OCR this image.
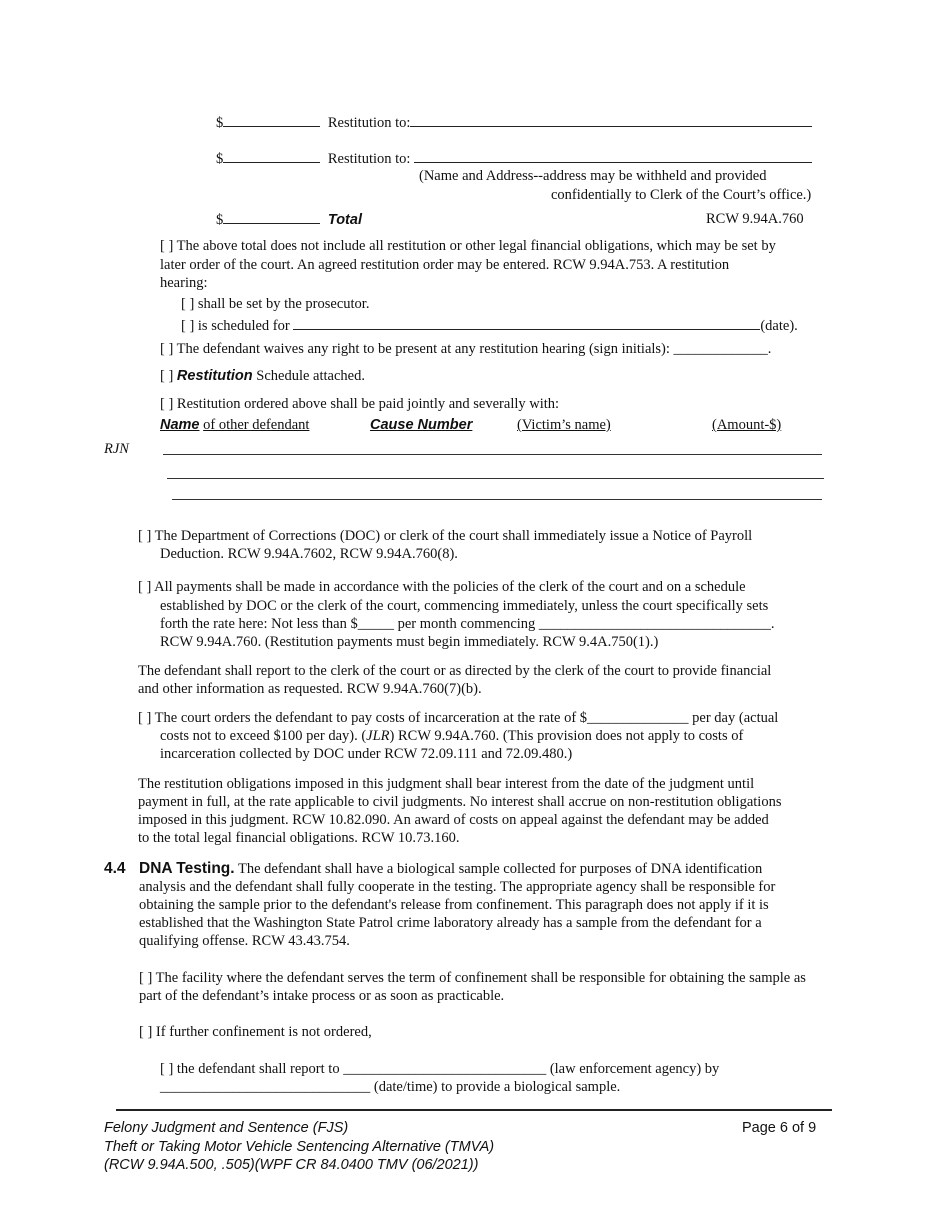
$	Restitution to:
$	Restitution to:
(Name and Address--address may be withheld and provided
confidentially to Clerk of the Court’s office.)
$	Total	RCW 9.94A.760
[ ] The above total does not include all restitution or other legal financial obligations, which may be set by
later order of the court. An agreed restitution order may be entered. RCW 9.94A.753. A restitution
hearing:
[ ] shall be set by the prosecutor.
[ ] is scheduled for	(date).
[ ] The defendant waives any right to be present at any restitution hearing (sign initials): _____________.
[ ] Restitution Schedule attached.
[ ] Restitution ordered above shall be paid jointly and severally with:
Name of other defendant	Cause Number	(Victim’s name)	(Amount-$)
RJN
[ ] The Department of Corrections (DOC) or clerk of the court shall immediately issue a Notice of Payroll
Deduction. RCW 9.94A.7602, RCW 9.94A.760(8).
[ ] All payments shall be made in accordance with the policies of the clerk of the court and on a schedule
established by DOC or the clerk of the court, commencing immediately, unless the court specifically sets
forth the rate here: Not less than $_____ per month commencing ________________________________.
RCW 9.94A.760. (Restitution payments must begin immediately. RCW 9.4A.750(1).)
The defendant shall report to the clerk of the court or as directed by the clerk of the court to provide financial
and other information as requested. RCW 9.94A.760(7)(b).
[ ] The court orders the defendant to pay costs of incarceration at the rate of $______________ per day (actual
costs not to exceed $100 per day). (JLR) RCW 9.94A.760. (This provision does not apply to costs of
incarceration collected by DOC under RCW 72.09.111 and 72.09.480.)
The restitution obligations imposed in this judgment shall bear interest from the date of the judgment until
payment in full, at the rate applicable to civil judgments. No interest shall accrue on non-restitution obligations
imposed in this judgment. RCW 10.82.090. An award of costs on appeal against the defendant may be added
to the total legal financial obligations. RCW 10.73.160.
4.4 DNA Testing. The defendant shall have a biological sample collected for purposes of DNA identification
analysis and the defendant shall fully cooperate in the testing. The appropriate agency shall be responsible for
obtaining the sample prior to the defendant's release from confinement. This paragraph does not apply if it is
established that the Washington State Patrol crime laboratory already has a sample from the defendant for a
qualifying offense. RCW 43.43.754.
[ ] The facility where the defendant serves the term of confinement shall be responsible for obtaining the sample as
part of the defendant’s intake process or as soon as practicable.
[ ] If further confinement is not ordered,
[ ] the defendant shall report to ____________________________ (law enforcement agency) by
_____________________________ (date/time) to provide a biological sample.
Felony Judgment and Sentence (FJS)
Theft or Taking Motor Vehicle Sentencing Alternative (TMVA)
(RCW 9.94A.500, .505)(WPF CR 84.0400 TMV (06/2021))
Page 6 of 9
